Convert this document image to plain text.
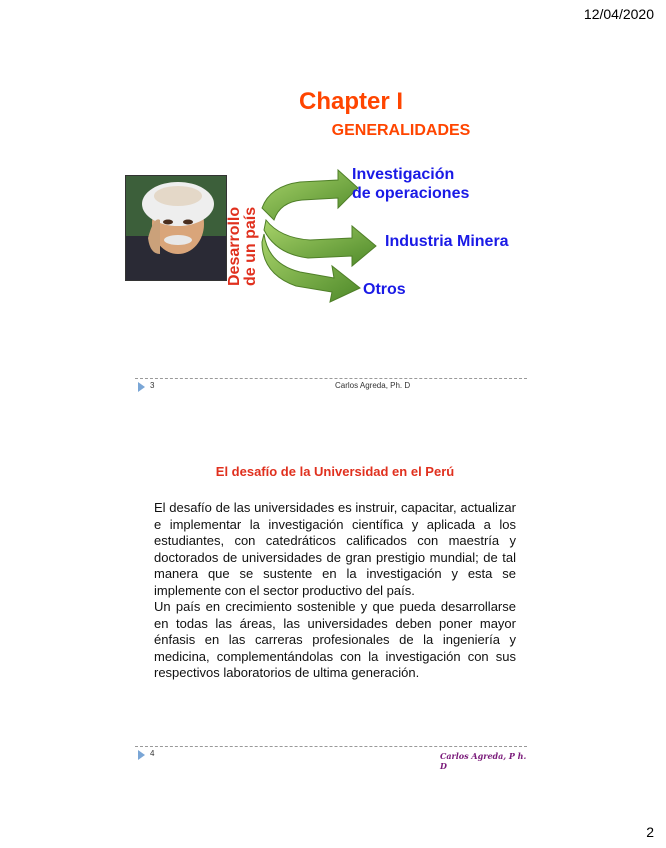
12/04/2020
Chapter I
GENERALIDADES
Desarrollo de un país
Investigación
de operaciones
Industria Minera
Otros
3	Carlos Agreda, Ph. D
El desafío de la Universidad en el Perú

El desafío de las universidades es instruir, capacitar, actualizar e implementar la investigación científica y aplicada a los estudiantes, con catedráticos calificados con maestría y doctorados de universidades de gran prestigio mundial; de tal manera que se sustente en la investigación y esta se implemente con el sector productivo del país.

Un país en crecimiento sostenible y que pueda desarrollarse en todas las áreas, las universidades deben poner mayor énfasis en las carreras profesionales de la ingeniería y medicina, complementándolas con la investigación con sus respectivos laboratorios de ultima generación.

4	Carlos Agreda, P h. D
2
